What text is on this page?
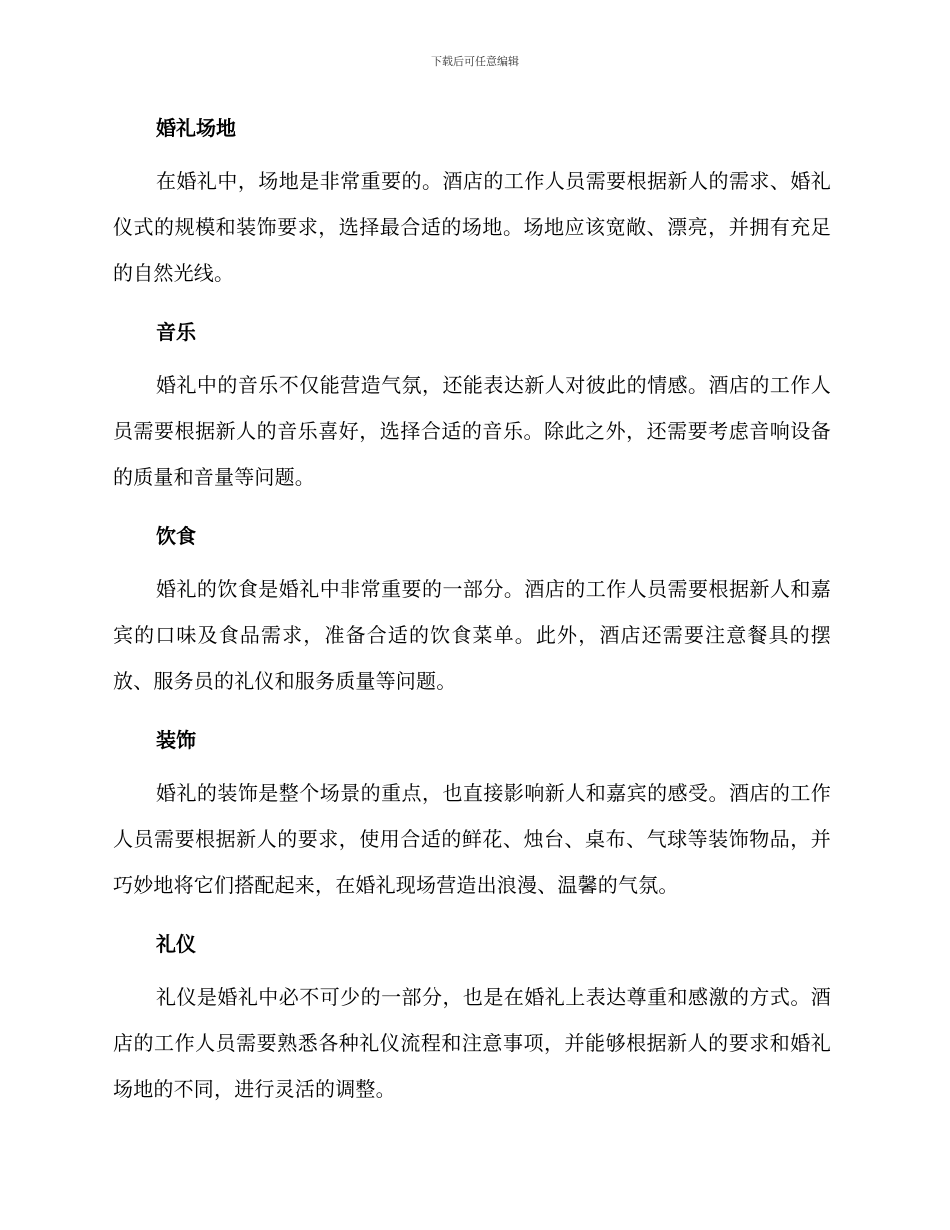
下载后可任意编辑
婚礼场地

在婚礼中，场地是非常重要的。酒店的工作人员需要根据新人的需求、婚礼仪式的规模和装饰要求，选择最合适的场地。场地应该宽敞、漂亮，并拥有充足的自然光线。

音乐

婚礼中的音乐不仅能营造气氛，还能表达新人对彼此的情感。酒店的工作人员需要根据新人的音乐喜好，选择合适的音乐。除此之外，还需要考虑音响设备的质量和音量等问题。

饮食

婚礼的饮食是婚礼中非常重要的一部分。酒店的工作人员需要根据新人和嘉宾的口味及食品需求，准备合适的饮食菜单。此外，酒店还需要注意餐具的摆放、服务员的礼仪和服务质量等问题。

装饰

婚礼的装饰是整个场景的重点，也直接影响新人和嘉宾的感受。酒店的工作人员需要根据新人的要求，使用合适的鲜花、烛台、桌布、气球等装饰物品，并巧妙地将它们搭配起来，在婚礼现场营造出浪漫、温馨的气氛。

礼仪

礼仪是婚礼中必不可少的一部分，也是在婚礼上表达尊重和感激的方式。酒店的工作人员需要熟悉各种礼仪流程和注意事项，并能够根据新人的要求和婚礼场地的不同，进行灵活的调整。
